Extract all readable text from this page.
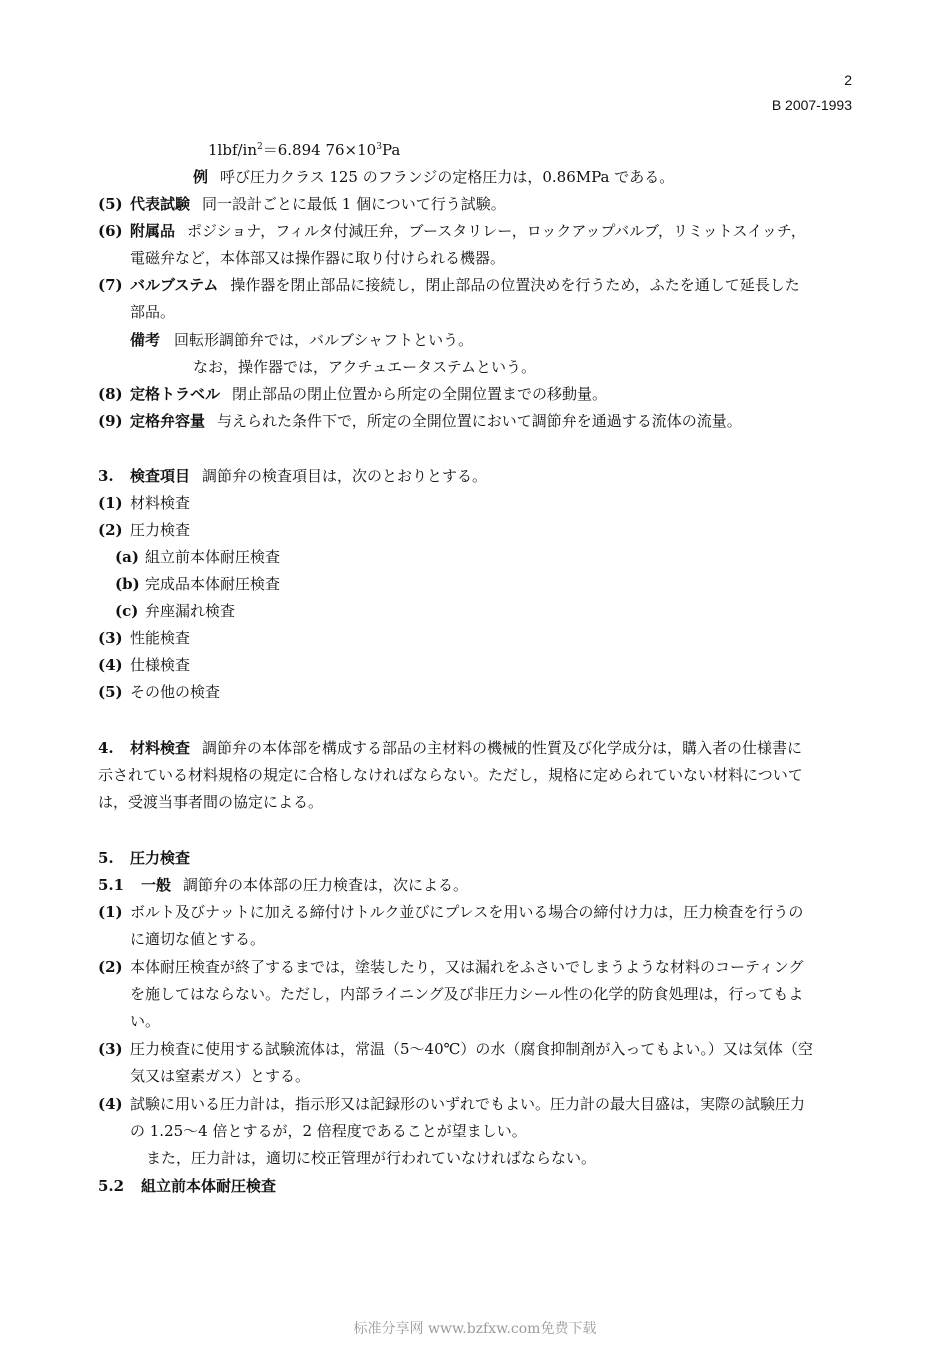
2
B 2007-1993
$1lbf/in^2=6.894$ $76\times 10^3Pa$
例 呼び圧力クラス 125 のフランジの定格圧力は，0.86MPa である。
(5) 代表試験 同一設計ごとに最低 1 個について行う試験。
(6) 附属品 ポジショナ，フィルタ付減圧弁，ブースタリレー，ロックアップバルブ，リミットスイッチ，
電磁弁など，本体部又は操作器に取り付けられる機器。
(7) バルブステム 操作器を閉止部品に接続し，閉止部品の位置決めを行うため，ふたを通して延長した
部品。
備考 回転形調節弁では，バルブシャフトという。
なお，操作器では，アクチュエータステムという。
(8) 定格トラベル 閉止部品の閉止位置から所定の全開位置までの移動量。
(9) 定格弁容量 与えられた条件下で，所定の全開位置において調節弁を通過する流体の流量。
3. 検査項目 調節弁の検査項目は，次のとおりとする。
(1) 材料検査
(2) 圧力検査
(a) 組立前本体耐圧検査
(b) 完成品本体耐圧検査
(c) 弁座漏れ検査
(3) 性能検査
(4) 仕様検査
(5) その他の検査
4. 材料検査 調節弁の本体部を構成する部品の主材料の機械的性質及び化学成分は，購入者の仕様書に
示されている材料規格の規定に合格しなければならない。ただし，規格に定められていない材料について
は，受渡当事者間の協定による。
5. 圧力検査
5.1 一般 調節弁の本体部の圧力検査は，次による。
(1) ボルト及びナットに加える締付けトルク並びにプレスを用いる場合の締付け力は，圧力検査を行うの
に適切な値とする。
(2) 本体耐圧検査が終了するまでは，塗装したり，又は漏れをふさいでしまうような材料のコーティング
を施してはならない。ただし，内部ライニング及び非圧力シール性の化学的防食処理は，行ってもよ
い。
(3) 圧力検査に使用する試験流体は，常温（5～40℃）の水（腐食抑制剤が入ってもよい。）又は気体（空
気又は窒素ガス）とする。
(4) 試験に用いる圧力計は，指示形又は記録形のいずれでもよい。圧力計の最大目盛は，実際の試験圧力
の 1.25～4 倍とするが，2 倍程度であることが望ましい。
また，圧力計は，適切に校正管理が行われていなければならない。
5.2 組立前本体耐圧検査
标准分享网 www.bzfxw.com免费下载
